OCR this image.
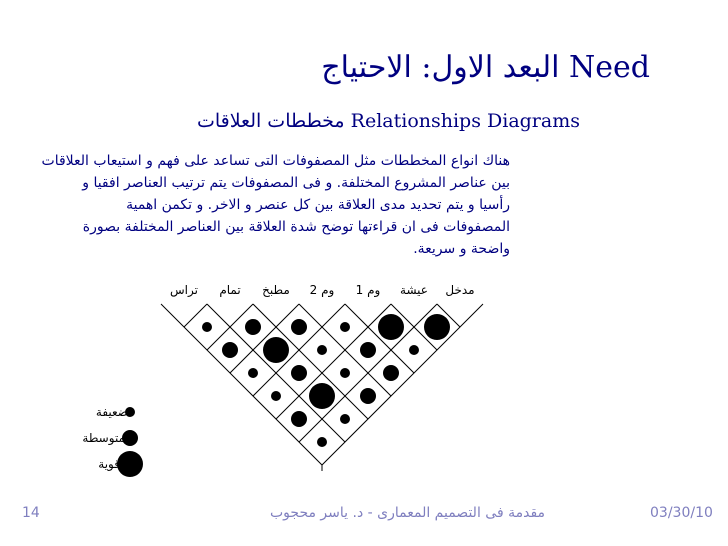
البعد الاول: الاحتياج Need
مخططات العلاقات Relationships Diagrams
هناك انواع المخططات مثل المصفوفات التى تساعد على فهم و استيعاب العلاقات
بين عناصر المشروع المختلفة. و فى المصفوفات يتم ترتيب العناصر افقيا و
رأسيا و يتم تحديد مدى العلاقة بين كل عنصر و الاخر. و تكمن اهمية
المصفوفات فى ان قراءتها توضح شدة العلاقة بين العناصر المختلفة بصورة
واضحة و سريعة.
مدخل
عيشة
وم 1
وم 2
مطبخ
تمام
تراس
ضعيفة
متوسطة
قوية
03/30/10
مقدمة فى التصميم المعمارى - د. ياسر محجوب
14
